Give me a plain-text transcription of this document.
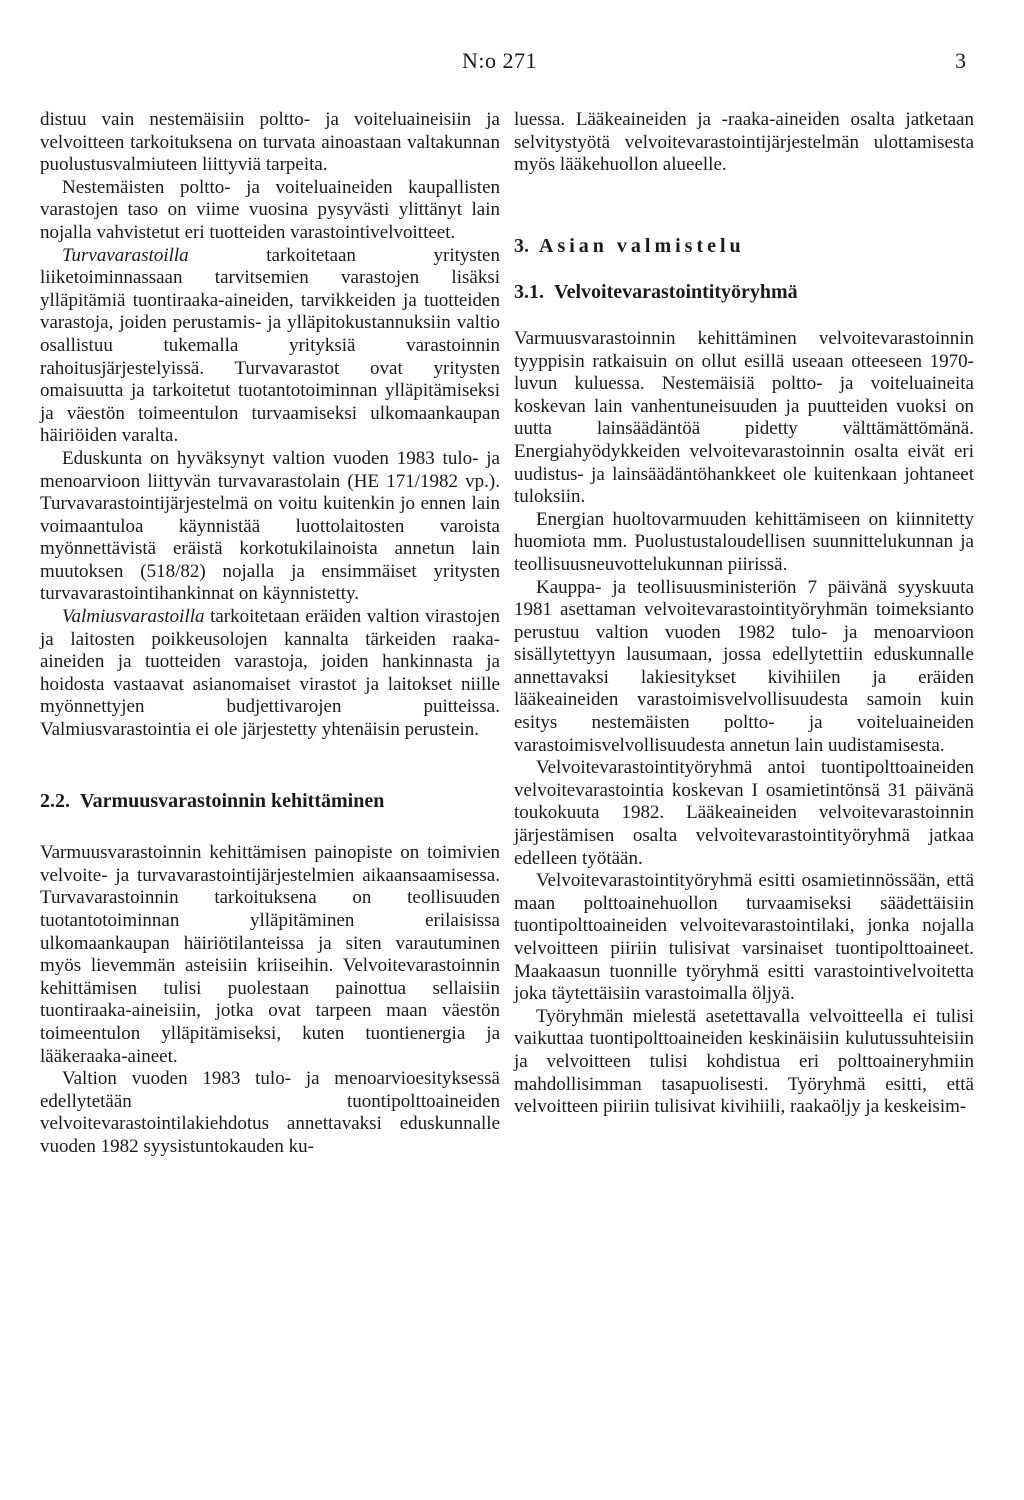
N:o 271	3

distuu vain nestemäisiin poltto- ja voiteluaineisiin ja velvoitteen tarkoituksena on turvata ainoastaan valtakunnan puolustusvalmiuteen liittyviä tarpeita.

Nestemäisten poltto- ja voiteluaineiden kaupallisten varastojen taso on viime vuosina pysyvästi ylittänyt lain nojalla vahvistetut eri tuotteiden varastointivelvoitteet.

Turvavarastoilla tarkoitetaan yritysten liiketoiminnassaan tarvitsemien varastojen lisäksi ylläpitämiä tuontiraaka-aineiden, tarvikkeiden ja tuotteiden varastoja, joiden perustamis- ja ylläpitokustannuksiin valtio osallistuu tukemalla yrityksiä varastoinnin rahoitusjärjestelyissä. Turvavarastot ovat yritysten omaisuutta ja tarkoitetut tuotantotoiminnan ylläpitämiseksi ja väestön toimeentulon turvaamiseksi ulkomaankaupan häiriöiden varalta.

Eduskunta on hyväksynyt valtion vuoden 1983 tulo- ja menoarvioon liittyvän turvavarastolain (HE 171/1982 vp.). Turvavarastointijärjestelmä on voitu kuitenkin jo ennen lain voimaantuloa käynnistää luottolaitosten varoista myönnettävistä eräistä korkotukilainoista annetun lain muutoksen (518/82) nojalla ja ensimmäiset yritysten turvavarastointihankinnat on käynnistetty.

Valmiusvarastoilla tarkoitetaan eräiden valtion virastojen ja laitosten poikkeusolojen kannalta tärkeiden raaka-aineiden ja tuotteiden varastoja, joiden hankinnasta ja hoidosta vastaavat asianomaiset virastot ja laitokset niille myönnettyjen budjettivarojen puitteissa. Valmiusvarastointia ei ole järjestetty yhtenäisin perustein.

2.2. Varmuusvarastoinnin kehittäminen

Varmuusvarastoinnin kehittämisen painopiste on toimivien velvoite- ja turvavarastointijärjestelmien aikaansaamisessa. Turvavarastoinnin tarkoituksena on teollisuuden tuotantotoiminnan ylläpitäminen erilaisissa ulkomaankaupan häiriötilanteissa ja siten varautuminen myös lievemmän asteisiin kriiseihin. Velvoitevarastoinnin kehittämisen tulisi puolestaan painottua sellaisiin tuontiraaka-aineisiin, jotka ovat tarpeen maan väestön toimeentulon ylläpitämiseksi, kuten tuontienergia ja lääkeraaka-aineet.

Valtion vuoden 1983 tulo- ja menoarvioesityksessä edellytetään tuontipolttoaineiden velvoitevarastointilakiehdotus annettavaksi eduskunnalle vuoden 1982 syysistuntokauden ku-

luessa. Lääkeaineiden ja -raaka-aineiden osalta jatketaan selvitystyötä velvoitevarastointijärjestelmän ulottamisesta myös lääkehuollon alueelle.

3. Asian valmistelu

3.1. Velvoitevarastointityöryhmä

Varmuusvarastoinnin kehittäminen velvoitevarastoinnin tyyppisin ratkaisuin on ollut esillä useaan otteeseen 1970-luvun kuluessa. Nestemäisiä poltto- ja voiteluaineita koskevan lain vanhentuneisuuden ja puutteiden vuoksi on uutta lainsäädäntöä pidetty välttämättömänä. Energiahyödykkeiden velvoitevarastoinnin osalta eivät eri uudistus- ja lainsäädäntöhankkeet ole kuitenkaan johtaneet tuloksiin.

Energian huoltovarmuuden kehittämiseen on kiinnitetty huomiota mm. Puolustustaloudellisen suunnittelukunnan ja teollisuusneuvottelukunnan piirissä.

Kauppa- ja teollisuusministeriön 7 päivänä syyskuuta 1981 asettaman velvoitevarastointityöryhmän toimeksianto perustuu valtion vuoden 1982 tulo- ja menoarvioon sisällytettyyn lausumaan, jossa edellytettiin eduskunnalle annettavaksi lakiesitykset kivihiilen ja eräiden lääkeaineiden varastoimisvelvollisuudesta samoin kuin esitys nestemäisten poltto- ja voiteluaineiden varastoimisvelvollisuudesta annetun lain uudistamisesta.

Velvoitevarastointityöryhmä antoi tuontipolttoaineiden velvoitevarastointia koskevan I osamietintönsä 31 päivänä toukokuuta 1982. Lääkeaineiden velvoitevarastoinnin järjestämisen osalta velvoitevarastointityöryhmä jatkaa edelleen työtään.

Velvoitevarastointityöryhmä esitti osamietinnössään, että maan polttoainehuollon turvaamiseksi säädettäisiin tuontipolttoaineiden velvoitevarastointilaki, jonka nojalla velvoitteen piiriin tulisivat varsinaiset tuontipolttoaineet. Maakaasun tuonnille työryhmä esitti varastointivelvoitetta joka täytettäisiin varastoimalla öljyä.

Työryhmän mielestä asetettavalla velvoitteella ei tulisi vaikuttaa tuontipolttoaineiden keskinäisiin kulutussuhteisiin ja velvoitteen tulisi kohdistua eri polttoaineryhmiin mahdollisimman tasapuolisesti. Työryhmä esitti, että velvoitteen piiriin tulisivat kivihiili, raakaöljy ja keskeisim-
